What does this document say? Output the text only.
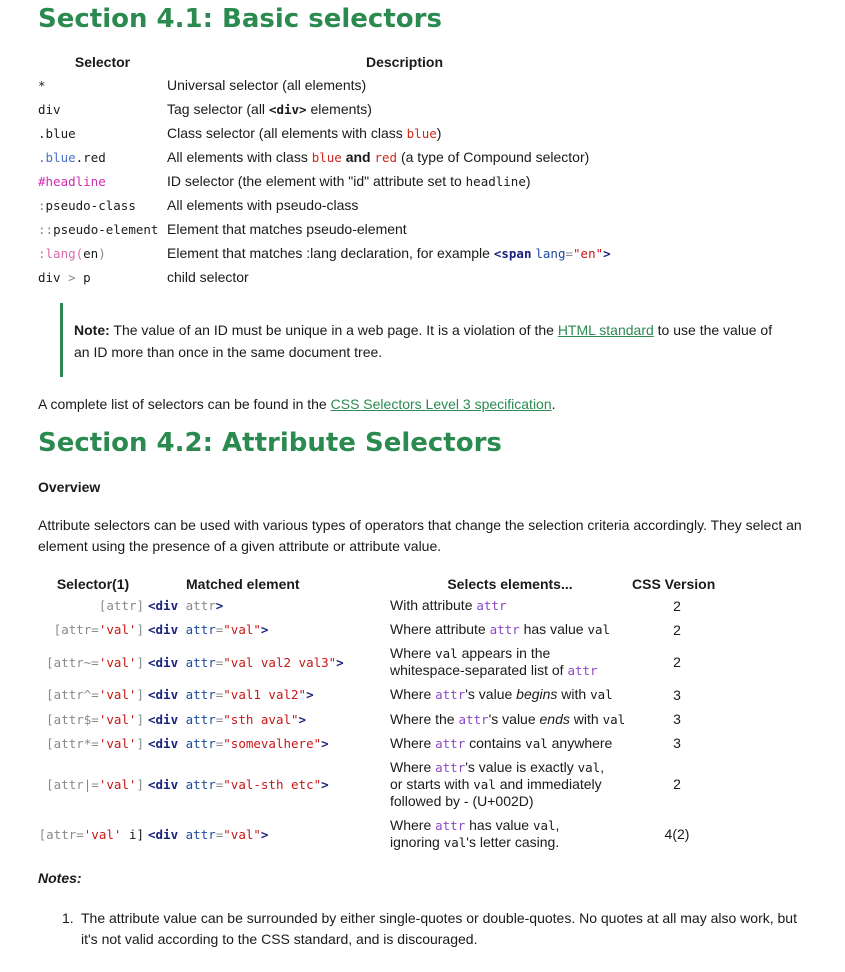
Section 4.1: Basic selectors
Selector	Description
*	Universal selector (all elements)
div	Tag selector (all <div> elements)
.blue	Class selector (all elements with class blue)
.blue.red	All elements with class blue and red (a type of Compound selector)
#headline	ID selector (the element with "id" attribute set to headline)
:pseudo-class	All elements with pseudo-class
::pseudo-element	Element that matches pseudo-element
:lang(en)	Element that matches :lang declaration, for example <span lang="en">
div > p	child selector

Note: The value of an ID must be unique in a web page. It is a violation of the HTML standard to use the value of an ID more than once in the same document tree.

A complete list of selectors can be found in the CSS Selectors Level 3 specification.

Section 4.2: Attribute Selectors

Overview

Attribute selectors can be used with various types of operators that change the selection criteria accordingly. They select an element using the presence of a given attribute or attribute value.

Selector(1)	Matched element	Selects elements...	CSS Version
[attr]	<div attr>	With attribute attr	2
[attr='val']	<div attr="val">	Where attribute attr has value val	2
[attr~='val']	<div attr="val val2 val3">	Where val appears in the
whitespace-separated list of attr	2
[attr^='val']	<div attr="val1 val2">	Where attr's value begins with val	3
[attr$='val']	<div attr="sth aval">	Where the attr's value ends with val	3
[attr*='val']	<div attr="somevalhere">	Where attr contains val anywhere	3
[attr|='val']	<div attr="val-sth etc">	Where attr's value is exactly val,
or starts with val and immediately
followed by - (U+002D)	2
[attr='val' i]	<div attr="val">	Where attr has value val,
ignoring val's letter casing.	4(2)
Notes:
1. The attribute value can be surrounded by either single-quotes or double-quotes. No quotes at all may also work, but it's not valid according to the CSS standard, and is discouraged.
